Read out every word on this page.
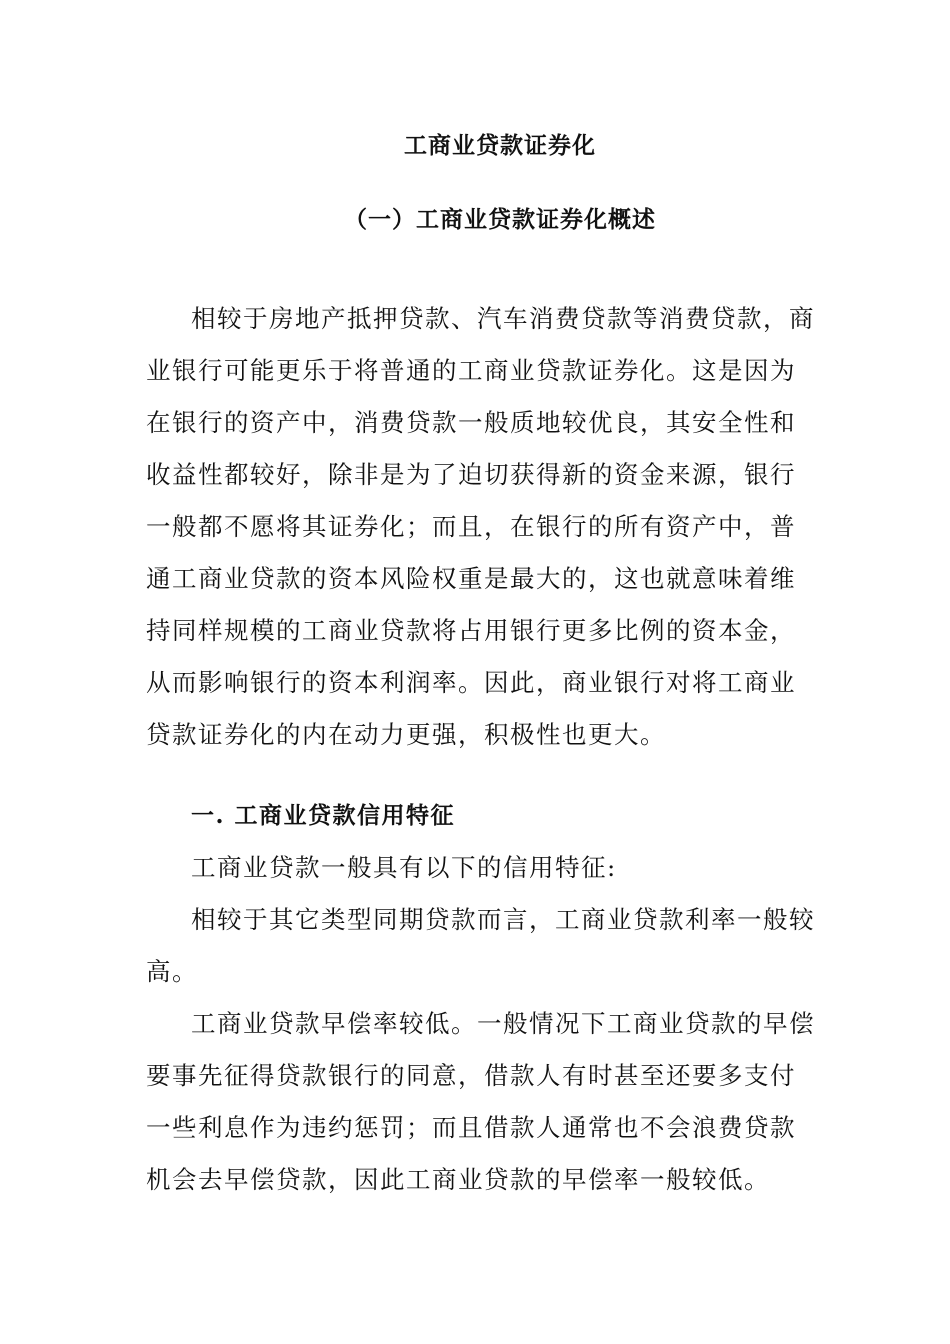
工商业贷款证券化
（一）工商业贷款证券化概述
相较于房地产抵押贷款、汽车消费贷款等消费贷款，商
业银行可能更乐于将普通的工商业贷款证券化。这是因为
在银行的资产中，消费贷款一般质地较优良，其安全性和
收益性都较好，除非是为了迫切获得新的资金来源，银行
一般都不愿将其证券化；而且，在银行的所有资产中，普
通工商业贷款的资本风险权重是最大的，这也就意味着维
持同样规模的工商业贷款将占用银行更多比例的资本金，
从而影响银行的资本利润率。因此，商业银行对将工商业
贷款证券化的内在动力更强，积极性也更大。
一. 工商业贷款信用特征
工商业贷款一般具有以下的信用特征:
相较于其它类型同期贷款而言，工商业贷款利率一般较
高。
工商业贷款早偿率较低。一般情况下工商业贷款的早偿
要事先征得贷款银行的同意，借款人有时甚至还要多支付
一些利息作为违约惩罚；而且借款人通常也不会浪费贷款
机会去早偿贷款，因此工商业贷款的早偿率一般较低。
